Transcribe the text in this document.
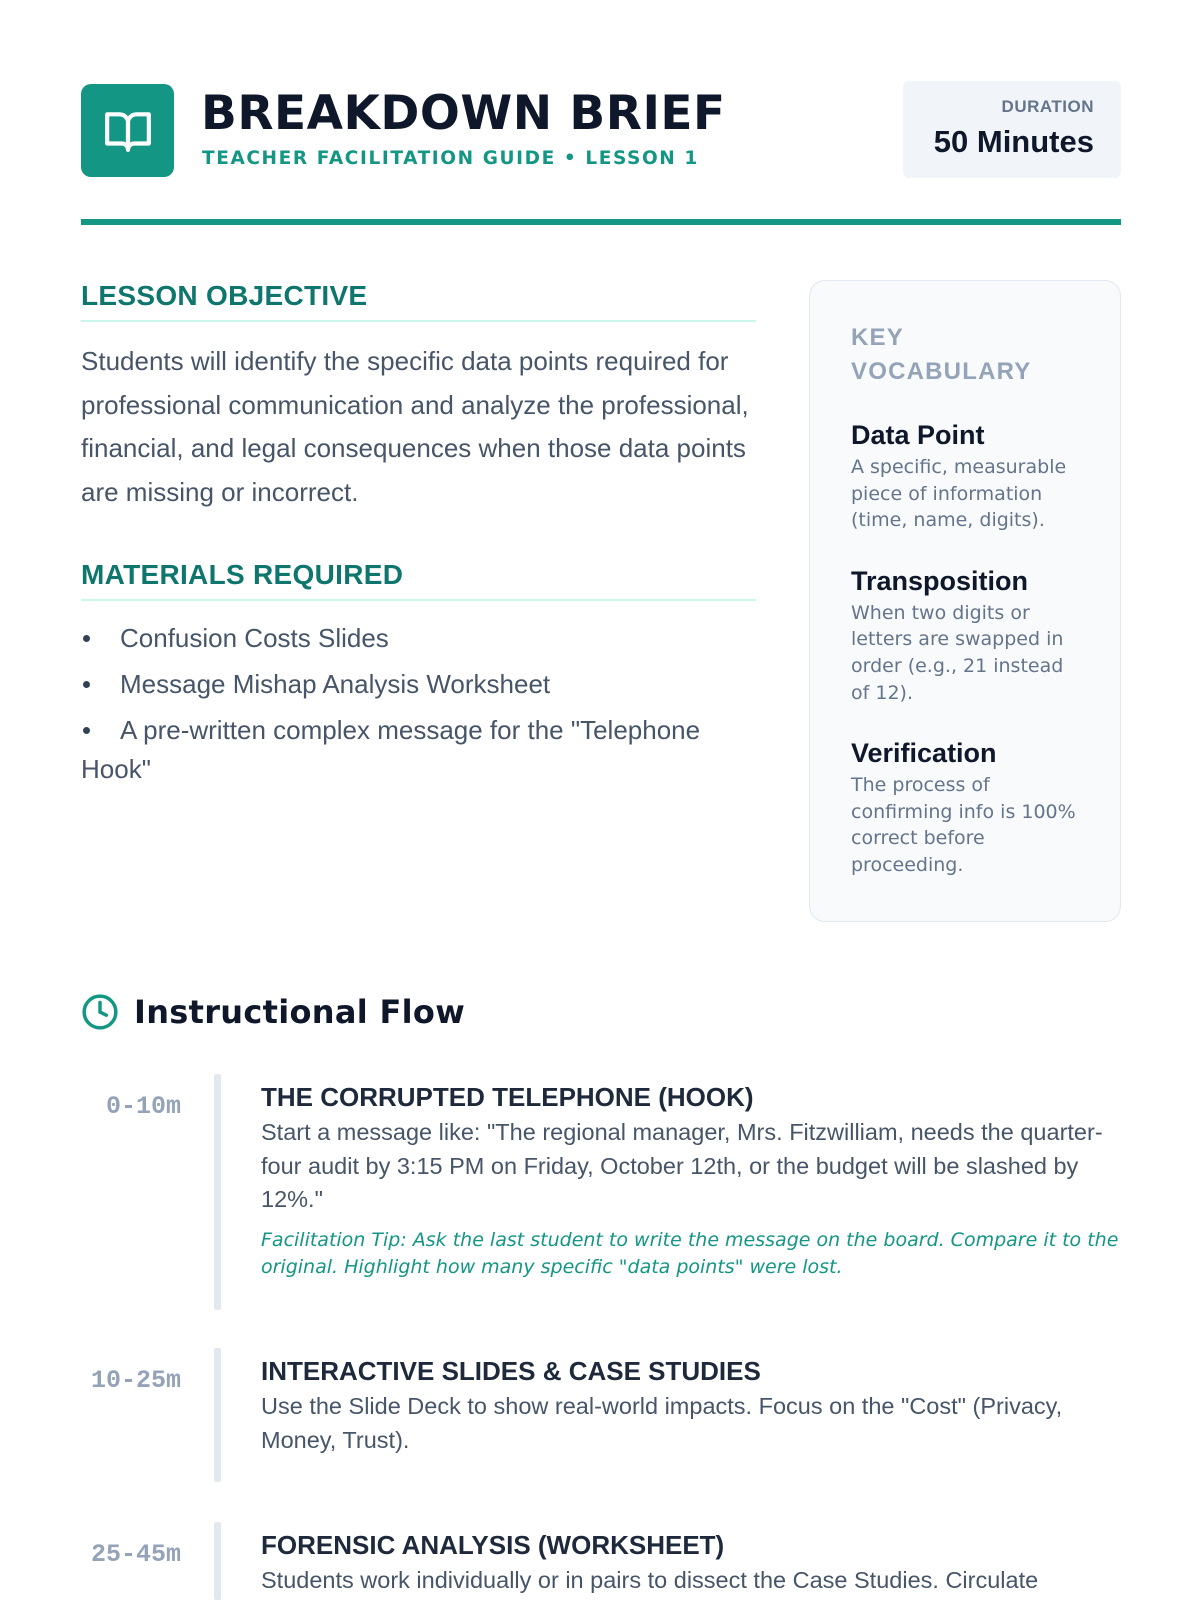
BREAKDOWN BRIEF
TEACHER FACILITATION GUIDE • LESSON 1
DURATION
50 Minutes
LESSON OBJECTIVE

Students will identify the specific data points required for professional communication and analyze the professional, financial, and legal consequences when those data points are missing or incorrect.

MATERIALS REQUIRED
Confusion Costs Slides
Message Mishap Analysis Worksheet
A pre-written complex message for the "Telephone Hook"
KEY VOCABULARY
Data Point
A specific, measurable piece of information (time, name, digits).
Transposition
When two digits or letters are swapped in order (e.g., 21 instead of 12).
Verification
The process of confirming info is 100% correct before proceeding.
Instructional Flow
0-10m	THE CORRUPTED TELEPHONE (HOOK)
Start a message like: "The regional manager, Mrs. Fitzwilliam, needs the quarter-four audit by 3:15 PM on Friday, October 12th, or the budget will be slashed by 12%."
Facilitation Tip: Ask the last student to write the message on the board. Compare it to the original. Highlight how many specific "data points" were lost.
10-25m	INTERACTIVE SLIDES & CASE STUDIES
Use the Slide Deck to show real-world impacts. Focus on the "Cost" (Privacy, Money, Trust).
25-45m	FORENSIC ANALYSIS (WORKSHEET)
Students work individually or in pairs to dissect the Case Studies. Circulate
